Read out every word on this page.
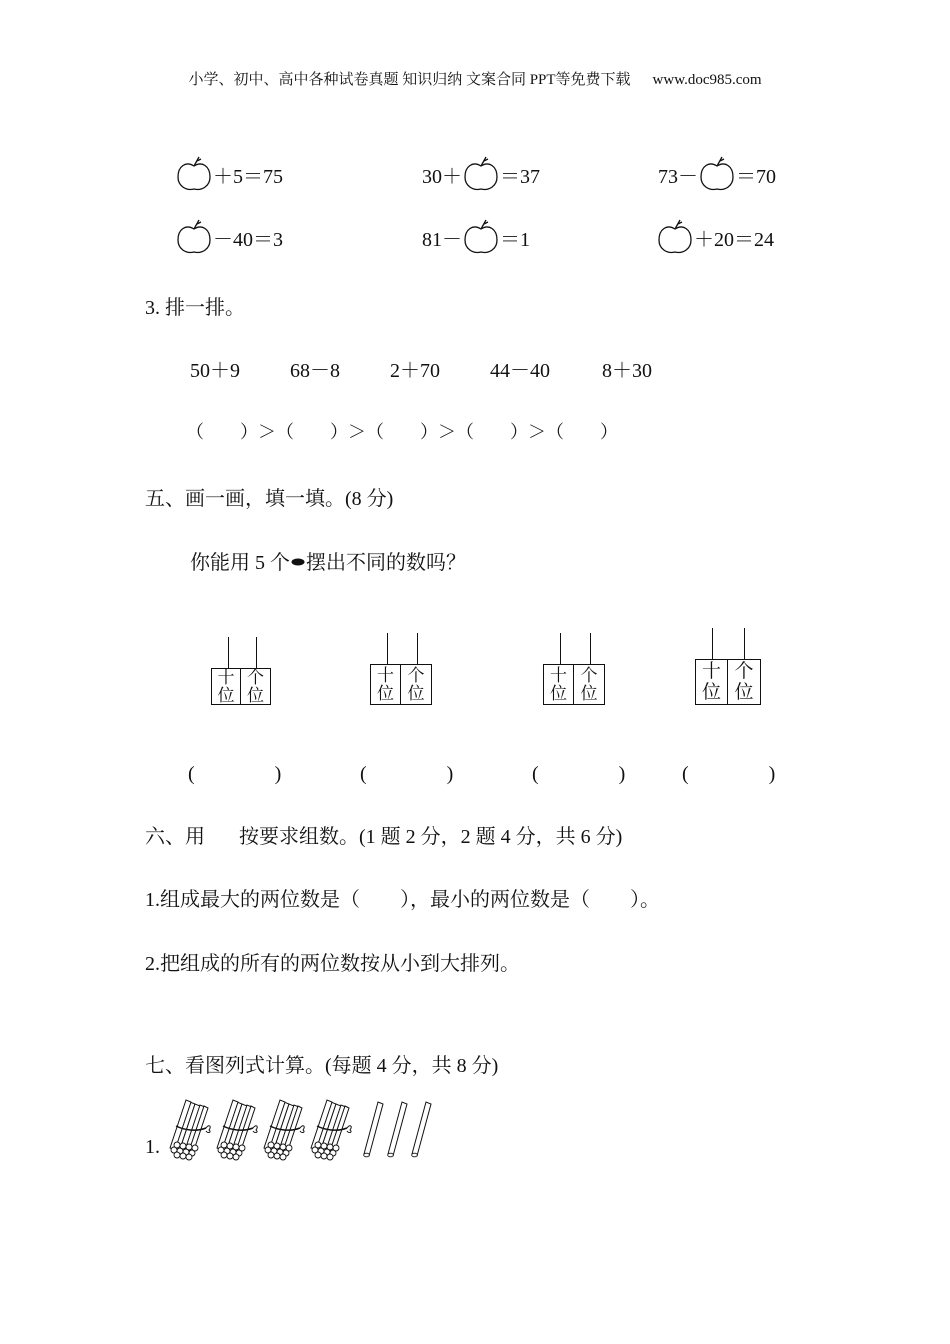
小学、初中、高中各种试卷真题 知识归纳 文案合同 PPT等免费下载 www.doc985.com
＋5＝75	30＋ ＝37	73－ ＝70
－40＝3	81－ ＝1	＋20＝24
3. 排一排。
50＋9	68－8	2＋70	44－40	8＋30
（　　）＞（　　）＞（　　）＞（　　）＞（　　）
五、画一画，填一填。(8 分)
你能用 5 个 摆出不同的数吗？
十
位
个
位
十
位
个
位
十
位
个
位
十
位
个
位
(　　　　)	(　　　　)	(　　　　)	(　　　　)
六、用 按要求组数。(1 题 2 分，2 题 4 分，共 6 分)
1.组成最大的两位数是（　　），最小的两位数是（　　）。
2.把组成的所有的两位数按从小到大排列。
七、看图列式计算。(每题 4 分，共 8 分)
1.
